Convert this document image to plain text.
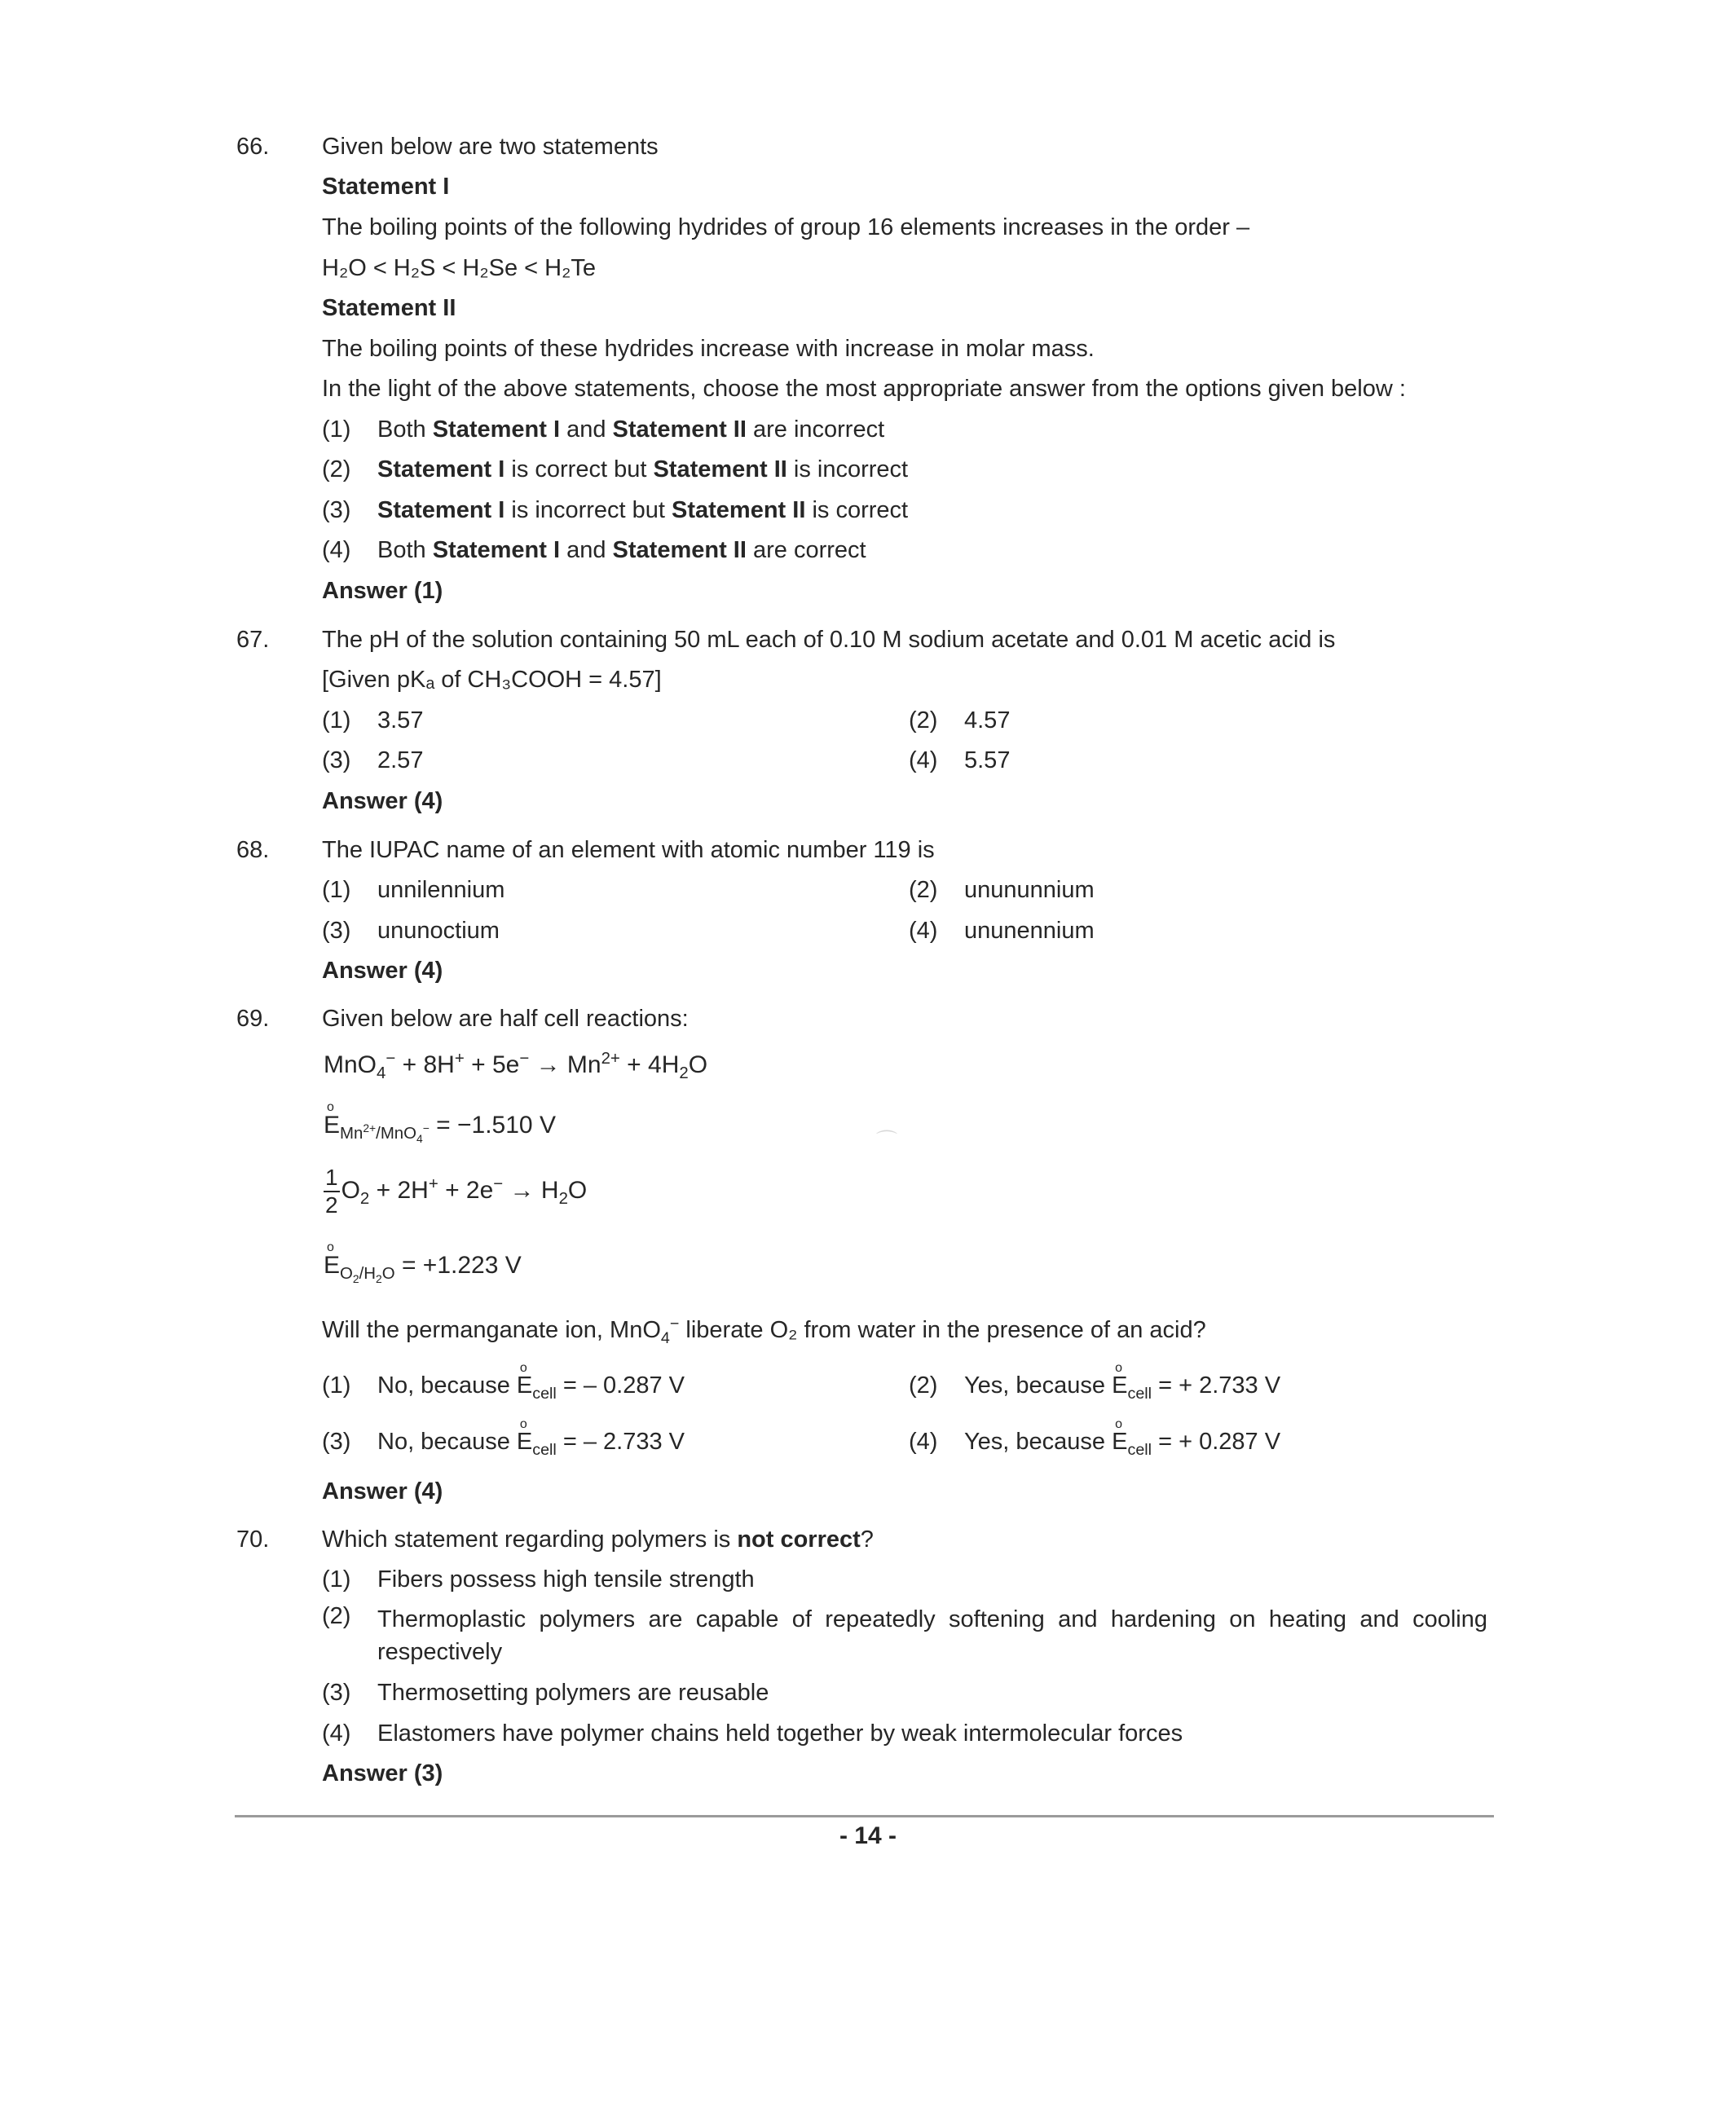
66. Given below are two statements
Statement I
The boiling points of the following hydrides of group 16 elements increases in the order –
H₂O < H₂S < H₂Se < H₂Te
Statement II
The boiling points of these hydrides increase with increase in molar mass.
In the light of the above statements, choose the most appropriate answer from the options given below :
(1) Both Statement I and Statement II are incorrect
(2) Statement I is correct but Statement II is incorrect
(3) Statement I is incorrect but Statement II is correct
(4) Both Statement I and Statement II are correct
Answer (1)
67. The pH of the solution containing 50 mL each of 0.10 M sodium acetate and 0.01 M acetic acid is
[Given pKₐ of CH₃COOH = 4.57]
(1) 3.57	(2) 4.57
(3) 2.57	(4) 5.57
Answer (4)
68. The IUPAC name of an element with atomic number 119 is
(1) unnilennium	(2) unununnium
(3) ununoctium	(4) ununennium
Answer (4)
69. Given below are half cell reactions:
$MnO_4^- + 8H^+ + 5e^- \to Mn^{2+} + 4H_2O$
E
o
$_{Mn^{2+}/MnO_4^-}$ = −1.510 V
$\frac{1}{2} O_2 + 2H^+ + 2e^- \to H_2O$
E
o
$_{O_2/H_2O}$ = +1.223 V
Will the permanganate ion, MnO$_4$− liberate O₂ from water in the presence of an acid?
(1) No, because E
o
$_{cell}$ = – 0.287 V	(2) Yes, because E
o
$_{cell}$ = + 2.733 V
(3) No, because E
o
$_{cell}$ = – 2.733 V	(4) Yes, because E
o
$_{cell}$ = + 0.287 V
Answer (4)
70. Which statement regarding polymers is not correct?
(1) Fibers possess high tensile strength
(2)	Thermoplastic polymers are capable of repeatedly softening and hardening on heating and cooling respectively
(3) Thermosetting polymers are reusable
(4) Elastomers have polymer chains held together by weak intermolecular forces
Answer (3)
⌒
- 14 -
